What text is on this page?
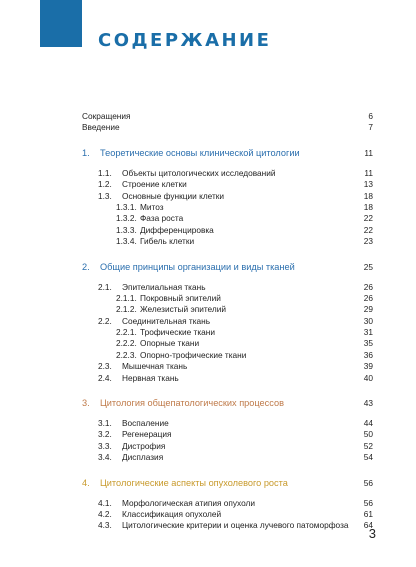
СОДЕРЖАНИЕ
Сокращения	6
Введение	7
1. Теоретические основы клинической цитологии	11
1.1. Объекты цитологических исследований	11
1.2. Строение клетки	13
1.3. Основные функции клетки	18
1.3.1. Митоз	18
1.3.2. Фаза роста	22
1.3.3. Дифференцировка	22
1.3.4. Гибель клетки	23
2. Общие принципы организации и виды тканей	25
2.1. Эпителиальная ткань	26
2.1.1. Покровный эпителий	26
2.1.2. Железистый эпителий	29
2.2. Соединительная ткань	30
2.2.1. Трофические ткани	31
2.2.2. Опорные ткани	35
2.2.3. Опорно-трофические ткани	36
2.3. Мышечная ткань	39
2.4. Нервная ткань	40
3. Цитология общепатологических процессов	43
3.1. Воспаление	44
3.2. Регенерация	50
3.3. Дистрофия	52
3.4. Дисплазия	54
4. Цитологические аспекты опухолевого роста	56
4.1. Морфологическая атипия опухоли	56
4.2. Классификация опухолей	61
4.3. Цитологические критерии и оценка лучевого патоморфоза 64
3
